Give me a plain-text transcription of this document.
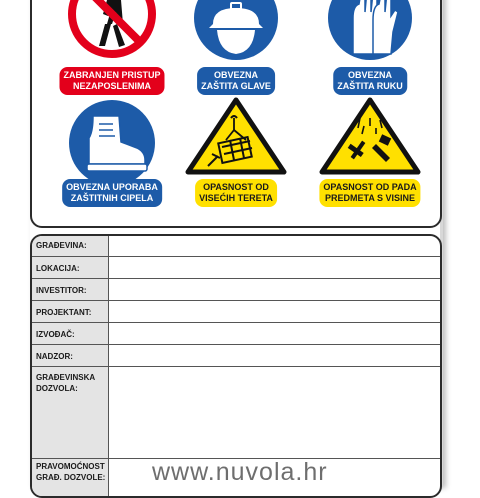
ZABRANJEN PRISTUP
NEZAPOSLENIMA
OBVEZNA
ZAŠTITA GLAVE
OBVEZNA
ZAŠTITA RUKU
OBVEZNA UPORABA
ZAŠTITNIH CIPELA
OPASNOST OD
VISEĆIH TERETA
OPASNOST OD PADA
PREDMETA S VISINE
GRAĐEVINA:
LOKACIJA:
INVESTITOR:
PROJEKTANT:
IZVOĐAČ:
NADZOR:
GRAĐEVINSKA
DOZVOLA:
PRAVOMOĆNOST
GRAĐ. DOZVOLE: www.nuvola.hr
